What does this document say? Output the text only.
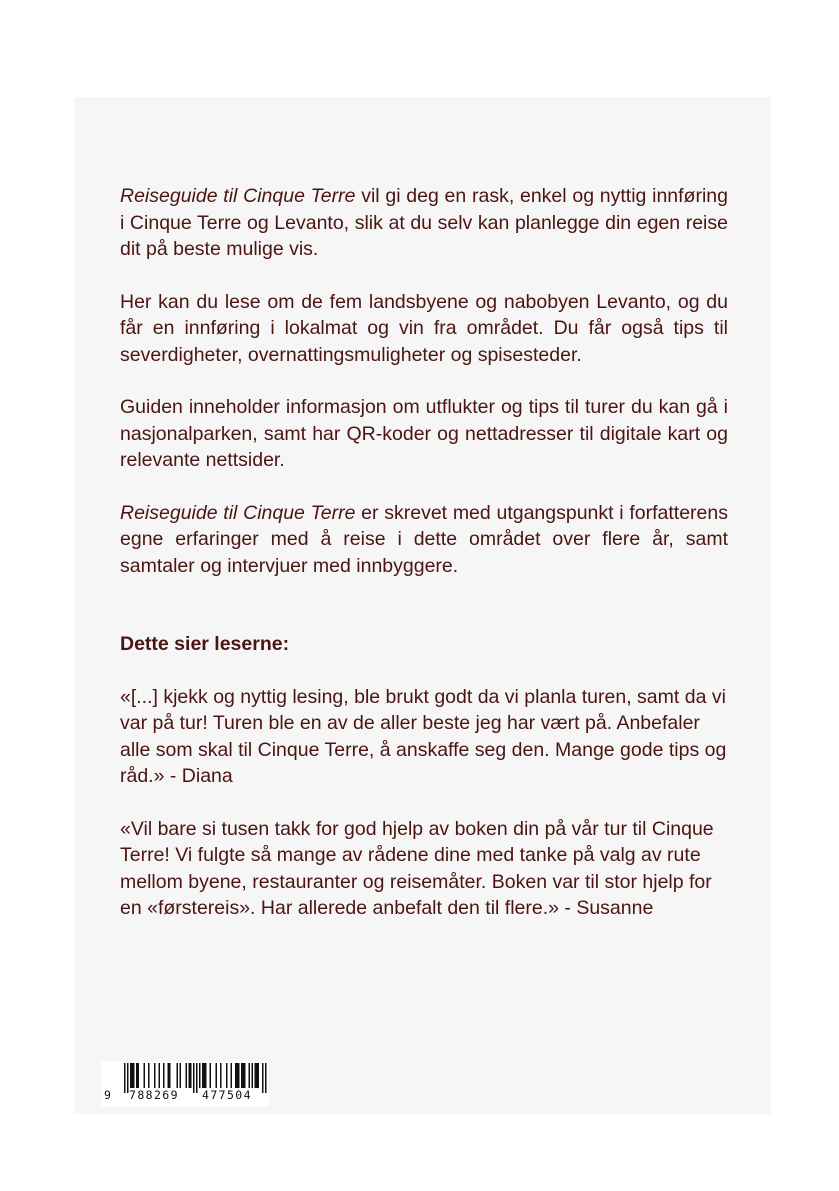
Reiseguide til Cinque Terre vil gi deg en rask, enkel og nyttig innføring i Cinque Terre og Levanto, slik at du selv kan planlegge din egen reise dit på beste mulige vis.

Her kan du lese om de fem landsbyene og nabobyen Levanto, og du får en innføring i lokalmat og vin fra området. Du får også tips til severdigheter, overnattingsmuligheter og spisesteder.

Guiden inneholder informasjon om utflukter og tips til turer du kan gå i nasjonalparken, samt har QR-koder og nettadresser til digitale kart og relevante nettsider.

Reiseguide til Cinque Terre er skrevet med utgangspunkt i forfatterens egne erfaringer med å reise i dette området over flere år, samt samtaler og intervjuer med innbyggere.

Dette sier leserne:

«[...] kjekk og nyttig lesing, ble brukt godt da vi planla turen, samt da vi var på tur! Turen ble en av de aller beste jeg har vært på. Anbefaler alle som skal til Cinque Terre, å anskaffe seg den. Mange gode tips og råd.» - Diana

«Vil bare si tusen takk for god hjelp av boken din på vår tur til Cinque Terre! Vi fulgte så mange av rådene dine med tanke på valg av rute mellom byene, restauranter og reisemåter. Boken var til stor hjelp for en «førstereis». Har allerede anbefalt den til flere.» - Susanne

9 788269 477504
